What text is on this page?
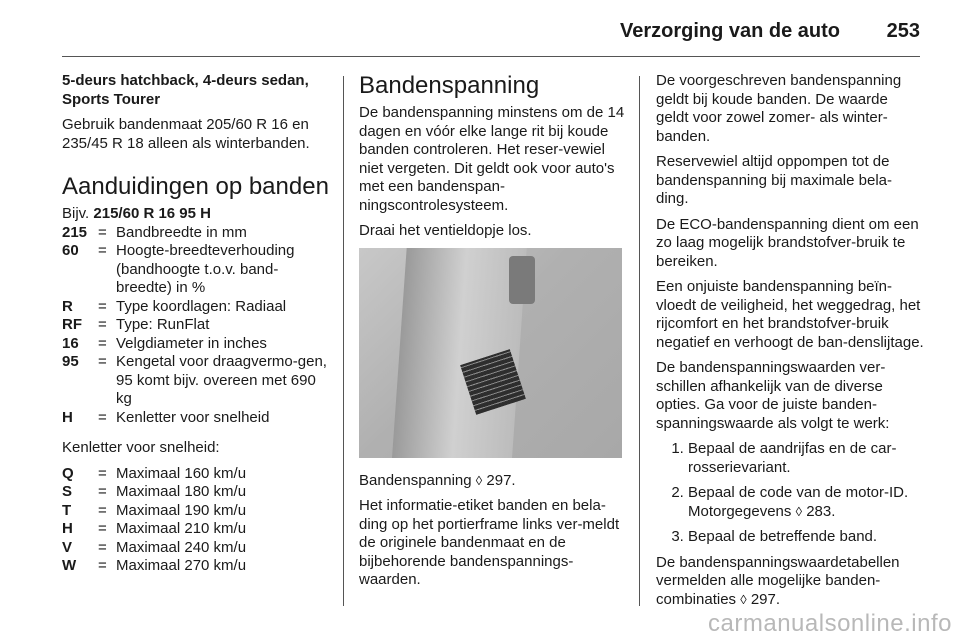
Verzorging van de auto 253

5-deurs hatchback, 4-deurs sedan, Sports Tourer

Gebruik bandenmaat 205/60 R 16 en 235/45 R 18 alleen als winterbanden.

Aanduidingen op banden

Bijv. 215/60 R 16 95 H

215 = Bandbreedte in mm
60	= Hoogte-breedteverhouding (bandhoogte t.o.v. band-breedte) in %
R	= Type koordlagen: Radiaal
RF	= Type: RunFlat
16	= Velgdiameter in inches
95	= Kengetal voor draagvermo-gen, 95 komt bijv. overeen met 690 kg
H	= Kenletter voor snelheid

Kenletter voor snelheid:

Q	= Maximaal 160 km/u
S	= Maximaal 180 km/u
T	= Maximaal 190 km/u
H	= Maximaal 210 km/u
V	= Maximaal 240 km/u
W	= Maximaal 270 km/u
Bandenspanning

De bandenspanning minstens om de 14 dagen en vóór elke lange rit bij koude banden controleren. Het reser-vewiel niet vergeten. Dit geldt ook voor auto's met een bandenspan-ningscontrolesysteem.

Draai het ventieldopje los.

Bandenspanning ◊ 297.

Het informatie-etiket banden en bela-ding op het portierframe links ver-meldt de originele bandenmaat en de bijbehorende bandenspannings-waarden.

De voorgeschreven bandenspanning geldt bij koude banden. De waarde geldt voor zowel zomer- als winter-banden.

Reservewiel altijd oppompen tot de bandenspanning bij maximale bela-ding.

De ECO-bandenspanning dient om een zo laag mogelijk brandstofver-bruik te bereiken.

Een onjuiste bandenspanning beïn-vloedt de veiligheid, het weggedrag, het rijcomfort en het brandstofver-bruik negatief en verhoogt de ban-denslijtage.

De bandenspanningswaarden ver-schillen afhankelijk van de diverse opties. Ga voor de juiste banden-spanningswaarde als volgt te werk:

1. Bepaal de aandrijfas en de car-rosserievariant.
2. Bepaal de code van de motor-ID. Motorgegevens ◊ 283.
3. Bepaal de betreffende band.

De bandenspanningswaardetabellen vermelden alle mogelijke banden-combinaties ◊ 297.

carmanualsonline.info
